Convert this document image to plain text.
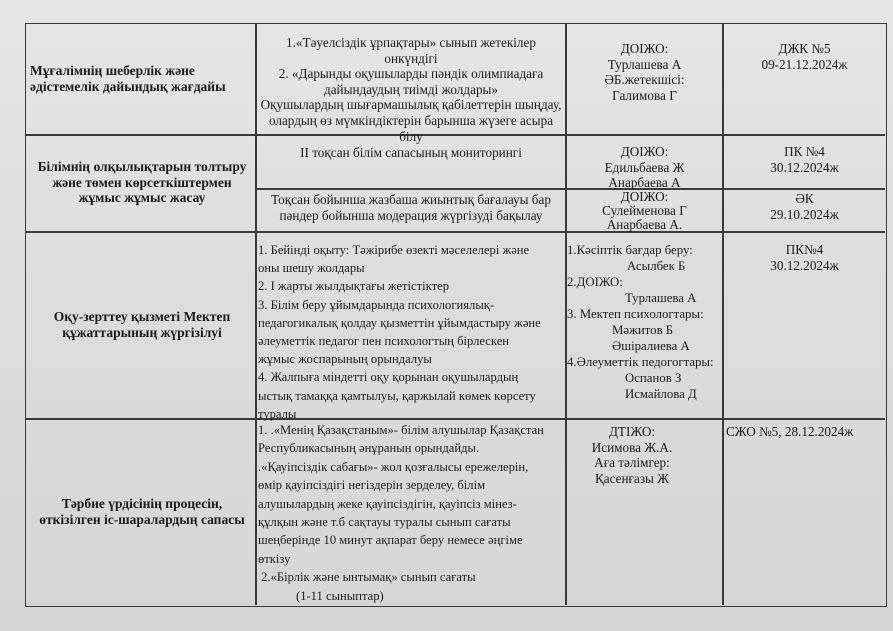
Мұғалімнің шеберлік және
әдістемелік дайындық жағдайы
1.«Тәуелсіздік ұрпақтары» сынып жетекілер
онкүндігі
2. «Дарынды оқушыларды пәндік олимпиадаға
дайындаудың тиімді жолдары»
Оқушылардың шығармашылық қабілеттерін шыңдау,
олардың өз мүмкіндіктерін барынша жүзеге асыра
білу
ДОІЖО:
Турлашева А
ӘБ.жетекшісі:
Галимова Г
ДЖК №5
09-21.12.2024ж
Білімнің олқылықтарын толтыру
және төмен көрсеткіштермен
жұмыс жұмыс жасау
ІІ тоқсан білім сапасының мониторингі	ДОІЖО:
Едильбаева Ж
Анарбаева А
ПК №4
30.12.2024ж
Тоқсан бойынша жазбаша жиынтық бағалауы бар
пәндер бойынша модерация жүргізуді бақылау
ДОІЖО:
Сулейменова Г
Анарбаева А.
ӘК
29.10.2024ж
Оқу-зерттеу қызметі Мектеп
құжаттарының жүргізілуі
1. Бейінді оқыту: Тәжірибе өзекті мәселелері және
оны шешу жолдары
2. І жарты жылдықтағы жетістіктер
3. Білім беру ұйымдарында психологиялық-
педагогикалық қолдау қызметтін ұйымдастыру және
әлеуметтік педагог пен психологтың бірлескен
жұмыс жоспарының орындалуы
4. Жалпыға міндетті оқу қорынан оқушылардың
ыстық тамаққа қамтылуы, қаржылай көмек көрсету
туралы
1.Кәсіптік бағдар беру:
Асылбек Б
2.ДОІЖО:
Турлашева А
3. Мектеп психологтары:
Мәжитов Б
Әшіралиева А
4.Әлеуметтік педогогтары:
Оспанов З
Исмайлова Д
ПК№4
30.12.2024ж
Тәрбие үрдісінің процесін,
өткізілген іс-шаралардың сапасы
1. .«Менің Қазақстаным»- білім алушылар Қазақстан
Республикасының әнұранын орындайды.
.«Қауіпсіздік сабағы»- жол қозғалысы ережелерін,
өмір қауіпсіздігі негіздерін зерделеу, білім
алушылардың жеке қауіпсіздігін, қауіпсіз мінез-
құлқын және т.б сақтауы туралы сынып сағаты
шеңберінде 10 минут ақпарат беру немесе әңгіме
өткізу
2.«Бірлік және ынтымақ» сынып сағаты
(1-11 сыныптар)
ДТІЖО:
Исимова Ж.А.
Аға тәлімгер:
Қасенғазы Ж
СЖО №5, 28.12.2024ж
